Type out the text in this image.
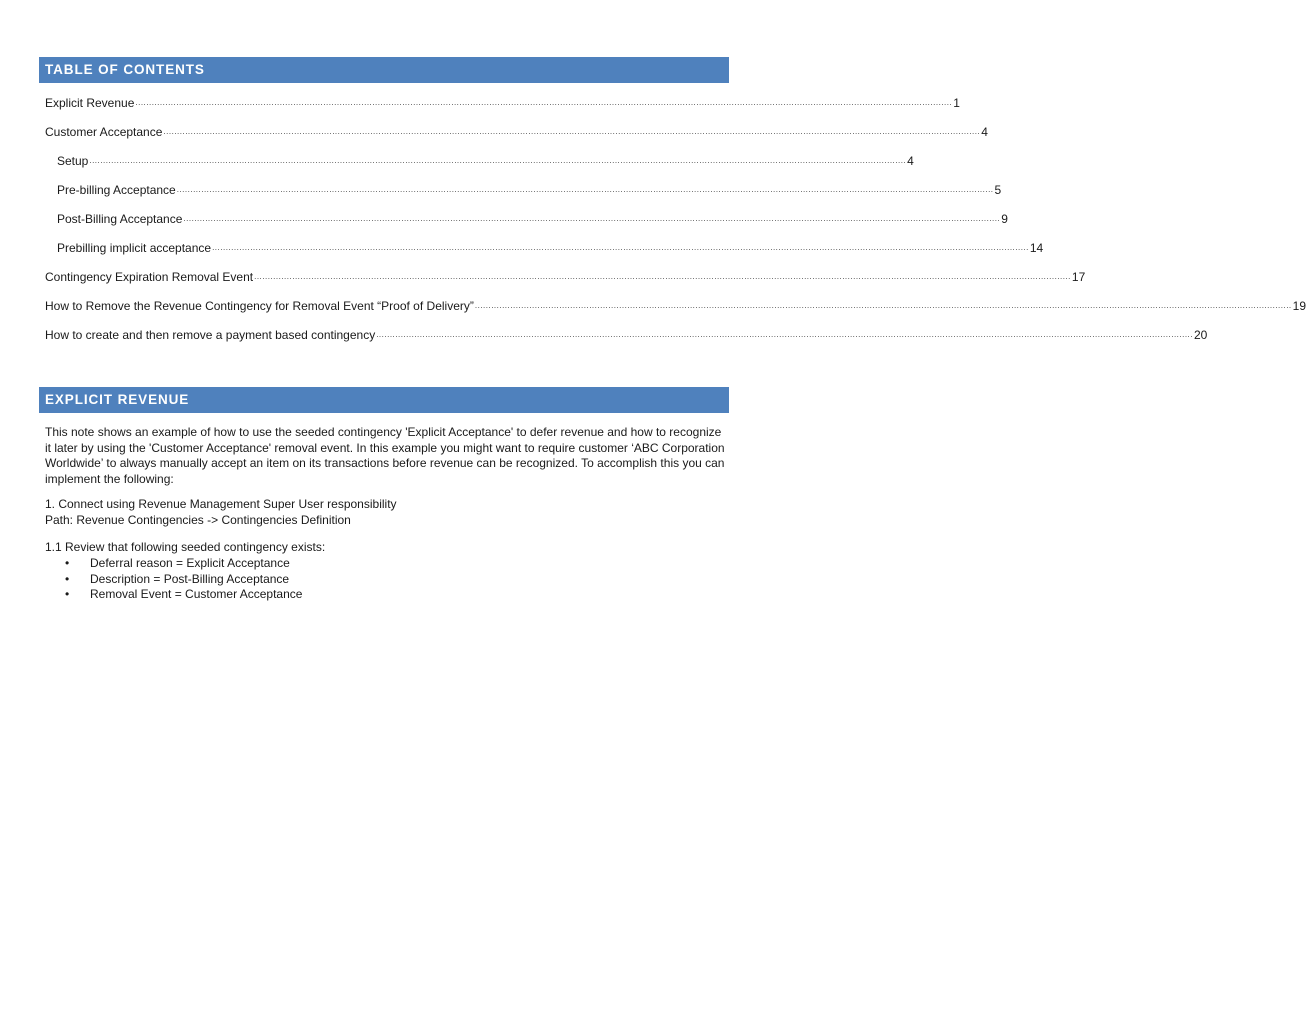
TABLE OF CONTENTS
Explicit Revenue ............................................................................................................................................................................................................................................................................................................ 1
Customer Acceptance ............................................................................................................................................................................................................................................................................................................ 4
Setup ............................................................................................................................................................................................................................................................................................................ 4
Pre-billing Acceptance ............................................................................................................................................................................................................................................................................................................ 5
Post-Billing Acceptance ............................................................................................................................................................................................................................................................................................................ 9
Prebilling implicit acceptance ............................................................................................................................................................................................................................................................................................................ 14
Contingency Expiration Removal Event ............................................................................................................................................................................................................................................................................................................ 17
How to Remove the Revenue Contingency for Removal Event “Proof of Delivery” ............................................................................................................................................................................................................................................................................................................ 19
How to create and then remove a payment based contingency ............................................................................................................................................................................................................................................................................................................ 20
EXPLICIT REVENUE

This note shows an example of how to use the seeded contingency 'Explicit Acceptance' to defer revenue and how to recognize it later by using the 'Customer Acceptance' removal event. In this example you might want to require customer ‘ABC Corporation Worldwide’ to always manually accept an item on its transactions before revenue can be recognized. To accomplish this you can implement the following:

1. Connect using Revenue Management Super User responsibility

Path: Revenue Contingencies -> Contingencies Definition

1.1 Review that following seeded contingency exists:

• Deferral reason = Explicit Acceptance
• Description = Post-Billing Acceptance
• Removal Event = Customer Acceptance
